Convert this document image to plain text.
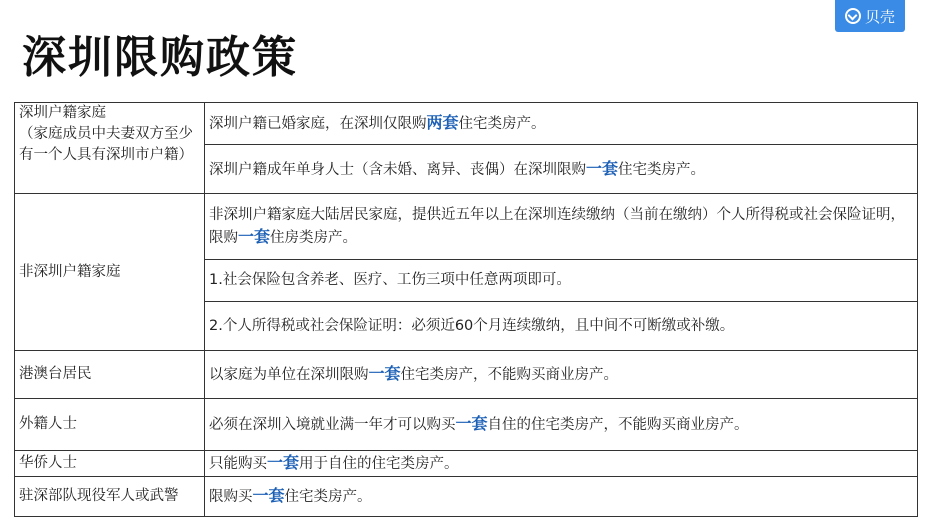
贝壳
深圳限购政策
深圳户籍家庭
（家庭成员中夫妻双方至少有一个人具有深圳市户籍）	深圳户籍已婚家庭，在深圳仅限购两套住宅类房产。
	深圳户籍成年单身人士（含未婚、离异、丧偶）在深圳限购一套住宅类房产。
非深圳户籍家庭	非深圳户籍家庭大陆居民家庭，提供近五年以上在深圳连续缴纳（当前在缴纳）个人所得税或社会保险证明，限购一套住房类房产。
	1.社会保险包含养老、医疗、工伤三项中任意两项即可。
	2.个人所得税或社会保险证明：必须近60个月连续缴纳，且中间不可断缴或补缴。
港澳台居民	以家庭为单位在深圳限购一套住宅类房产，不能购买商业房产。
外籍人士	必须在深圳入境就业满一年才可以购买一套自住的住宅类房产，不能购买商业房产。
华侨人士	只能购买一套用于自住的住宅类房产。
驻深部队现役军人或武警	限购买一套住宅类房产。
